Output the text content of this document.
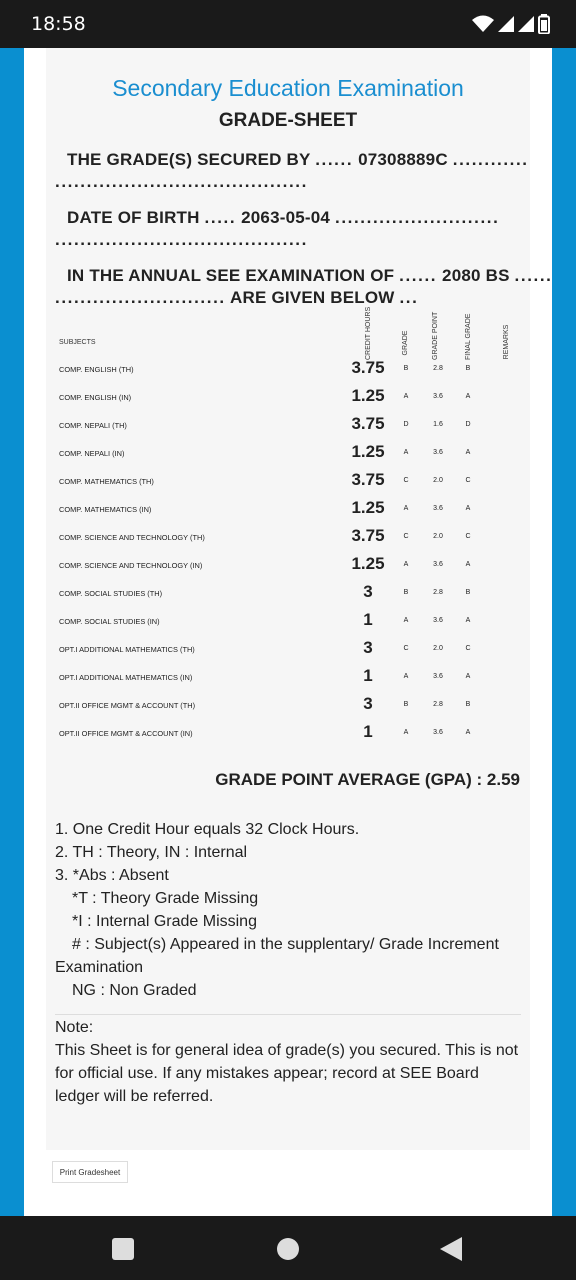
18:58
Secondary Education Examination
GRADE-SHEET
THE GRADE(S) SECURED BY ...... 07308889C ............
........................................
DATE OF BIRTH ..... 2063-05-04 ..........................
........................................
IN THE ANNUAL SEE EXAMINATION OF ...... 2080 BS ......
........................... ARE GIVEN BELOW ...
SUBJECTS	CREDIT HOURS	GRADE	GRADE POINT	FINAL GRADE	REMARKS
COMP. ENGLISH (TH)	3.75	B	2.8	B
COMP. ENGLISH (IN)	1.25	A	3.6	A
COMP. NEPALI (TH)	3.75	D	1.6	D
COMP. NEPALI (IN)	1.25	A	3.6	A
COMP. MATHEMATICS (TH)	3.75	C	2.0	C
COMP. MATHEMATICS (IN)	1.25	A	3.6	A
COMP. SCIENCE AND TECHNOLOGY (TH)	3.75	C	2.0	C
COMP. SCIENCE AND TECHNOLOGY (IN)	1.25	A	3.6	A
COMP. SOCIAL STUDIES (TH)	3	B	2.8	B
COMP. SOCIAL STUDIES (IN)	1	A	3.6	A
OPT.I ADDITIONAL MATHEMATICS (TH)	3	C	2.0	C
OPT.I ADDITIONAL MATHEMATICS (IN)	1	A	3.6	A
OPT.II OFFICE MGMT & ACCOUNT (TH)	3	B	2.8	B
OPT.II OFFICE MGMT & ACCOUNT (IN)	1	A	3.6	A
GRADE POINT AVERAGE (GPA) : 2.59
1. One Credit Hour equals 32 Clock Hours.
2. TH : Theory, IN : Internal
3. *Abs : Absent
*T : Theory Grade Missing
*I : Internal Grade Missing
# : Subject(s) Appeared in the supplentary/ Grade Increment
Examination
NG : Non Graded
Note:
This Sheet is for general idea of grade(s) you secured. This is not for official use. If any mistakes appear; record at SEE Board ledger will be referred.
Print Gradesheet
